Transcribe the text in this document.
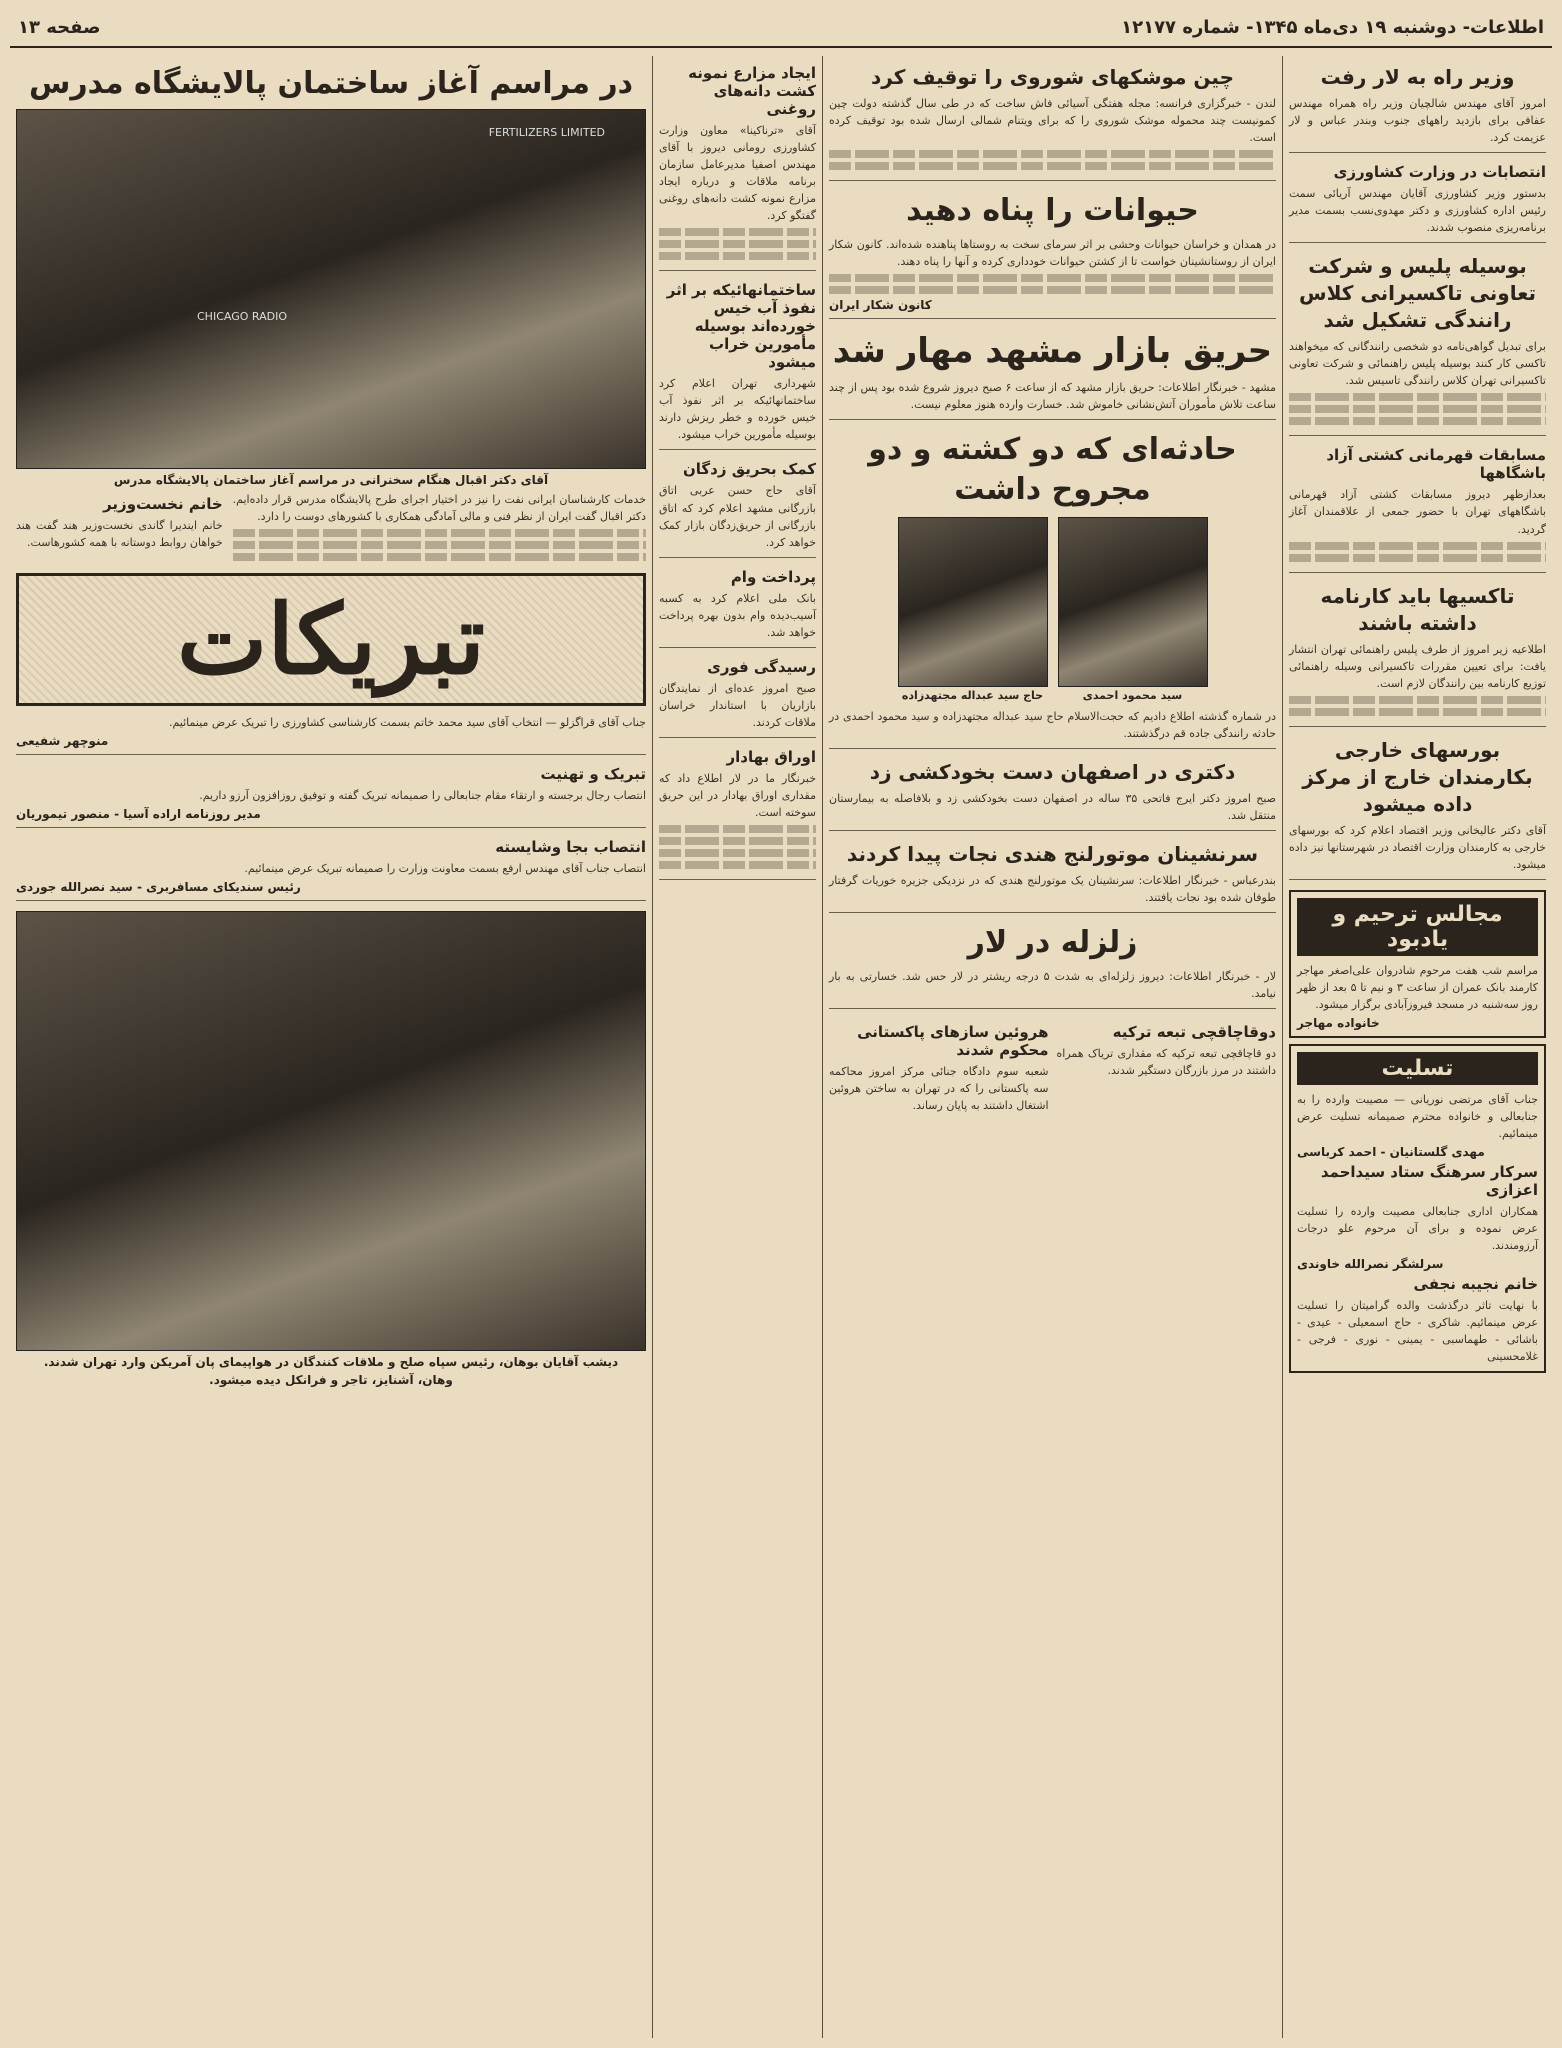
اطلاعات- دوشنبه ۱۹ دی‌ماه ۱۳۴۵- شماره ۱۲۱۷۷
صفحه ۱۳
وزیر راه به لار رفت
امروز آقای مهندس شالچیان وزیر راه همراه مهندس عفافی برای بازدید راههای جنوب وبندر عباس و لار عزیمت کرد.
انتصابات در وزارت کشاورزی
بدستور وزیر کشاورزی آقایان مهندس آریائی سمت رئیس اداره کشاورزی و دکتر مهدوی‌نسب بسمت مدیر برنامه‌ریزی منصوب شدند.
بوسیله پلیس و شرکت تعاونی تاکسیرانی کلاس رانندگی تشکیل شد
برای تبدیل گواهی‌نامه دو شخصی رانندگانی که میخواهند تاکسی کار کنند بوسیله پلیس راهنمائی و شرکت تعاونی تاکسیرانی تهران کلاس رانندگی تاسیس شد.
مسابقات قهرمانی کشتی آزاد باشگاهها
بعدازظهر دیروز مسابقات کشتی آزاد قهرمانی باشگاههای تهران با حضور جمعی از علاقمندان آغاز گردید.
تاکسیها باید کارنامه داشته باشند
اطلاعیه زیر امروز از طرف پلیس راهنمائی تهران انتشار یافت: برای تعیین مقررات تاکسیرانی وسیله راهنمائی توزیع کارنامه بین رانندگان لازم است.
بورسهای خارجی بکارمندان خارج از مرکز داده میشود
آقای دکتر عالیخانی وزیر اقتصاد اعلام کرد که بورسهای خارجی به کارمندان وزارت اقتصاد در شهرستانها نیز داده میشود.
مجالس ترحیم و یادبود
مراسم شب هفت مرحوم شادروان علی‌اصغر مهاجر کارمند بانک عمران از ساعت ۳ و نیم تا ۵ بعد از ظهر روز سه‌شنبه در مسجد فیروزآبادی برگزار میشود.
خانواده مهاجر
تسلیت
جناب آقای مرتضی نوریانی — مصیبت وارده را به جنابعالی و خانواده محترم صمیمانه تسلیت عرض مینمائیم.
مهدی گلستانیان - احمد کرباسی
سرکار سرهنگ ستاد سیداحمد اعزازی
همکاران اداری جنابعالی مصیبت وارده را تسلیت عرض نموده و برای آن مرحوم علو درجات آرزومندند.
سرلشگر نصرالله خاوندی
خانم نجیبه نجفی
با نهایت تاثر درگذشت والده گرامیتان را تسلیت عرض مینمائیم. شاکری - حاج اسمعیلی - عیدی - باشائی - طهماسبی - یمینی - نوری - فرجی - غلامحسینی
چین موشکهای شوروی را توقیف کرد
لندن - خبرگزاری فرانسه: مجله هفتگی آسیائی فاش ساخت که در طی سال گذشته دولت چین کمونیست چند محموله موشک شوروی را که برای ویتنام شمالی ارسال شده بود توقیف کرده است.
حیوانات را پناه دهید
در همدان و خراسان حیوانات وحشی بر اثر سرمای سخت به روستاها پناهنده شده‌اند. کانون شکار ایران از روستانشینان خواست تا از کشتن حیوانات خودداری کرده و آنها را پناه دهند.
کانون شکار ایران
حریق بازار مشهد مهار شد
مشهد - خبرنگار اطلاعات: حریق بازار مشهد که از ساعت ۶ صبح دیروز شروع شده بود پس از چند ساعت تلاش مأموران آتش‌نشانی خاموش شد. خسارت وارده هنوز معلوم نیست.
حادثه‌ای که دو کشته و دو مجروح داشت
سید محمود احمدی
حاج سید عبداله مجتهدزاده
در شماره گذشته اطلاع دادیم که حجت‌الاسلام حاج سید عبداله مجتهدزاده و سید محمود احمدی در حادثه رانندگی جاده قم درگذشتند.
دکتری در اصفهان دست بخودکشی زد
صبح امروز دکتر ایرج فاتحی ۳۵ ساله در اصفهان دست بخودکشی زد و بلافاصله به بیمارستان منتقل شد.
سرنشینان موتورلنج هندی نجات پیدا کردند
بندرعباس - خبرنگار اطلاعات: سرنشینان یک موتورلنج هندی که در نزدیکی جزیره خوریات گرفتار طوفان شده بود نجات یافتند.
زلزله در لار
لار - خبرنگار اطلاعات: دیروز زلزله‌ای به شدت ۵ درجه ریشتر در لار حس شد. خسارتی به بار نیامد.
دوقاچاقچی تبعه ترکیه
دو قاچاقچی تبعه ترکیه که مقداری تریاک همراه داشتند در مرز بازرگان دستگیر شدند.
هروئین سازهای پاکستانی محکوم شدند
شعبه سوم دادگاه جنائی مرکز امروز محاکمه سه پاکستانی را که در تهران به ساختن هروئین اشتغال داشتند به پایان رساند.
ایجاد مزارع نمونه کشت دانه‌های روغنی
آقای «ترناکینا» معاون وزارت کشاورزی رومانی دیروز با آقای مهندس اصفیا مدیرعامل سازمان برنامه ملاقات و درباره ایجاد مزارع نمونه کشت دانه‌های روغنی گفتگو کرد.
ساختمانهائیکه بر اثر نفوذ آب خیس خورده‌اند بوسیله مأمورین خراب میشود
شهرداری تهران اعلام کرد ساختمانهائیکه بر اثر نفوذ آب خیس خورده و خطر ریزش دارند بوسیله مأمورین خراب میشود.
کمک بحریق زدگان
آقای حاج حسن عربی اتاق بازرگانی مشهد اعلام کرد که اتاق بازرگانی از حریق‌زدگان بازار کمک خواهد کرد.
پرداخت وام
بانک ملی اعلام کرد به کسبه آسیب‌دیده وام بدون بهره پرداخت خواهد شد.
رسیدگی فوری
صبح امروز عده‌ای از نمایندگان بازاریان با استاندار خراسان ملاقات کردند.
اوراق بهادار
خبرنگار ما در لار اطلاع داد که مقداری اوراق بهادار در این حریق سوخته است.
در مراسم آغاز ساختمان پالایشگاه مدرس
FERTILIZERS LIMITED
CHICAGO RADIO
آقای دکتر اقبال هنگام سخنرانی در مراسم آغاز ساختمان پالایشگاه مدرس
خدمات کارشناسان ایرانی نفت را نیز در اختیار اجرای طرح پالایشگاه مدرس قرار داده‌ایم. دکتر اقبال گفت ایران از نظر فنی و مالی آمادگی همکاری با کشورهای دوست را دارد.
خانم نخست‌وزیر
خانم ایندیرا گاندی نخست‌وزیر هند گفت هند خواهان روابط دوستانه با همه کشورهاست.
تبریکات
جناب آقای قراگزلو — انتخاب آقای سید محمد خاتم بسمت کارشناسی کشاورزی را تبریک عرض مینمائیم.
منوچهر شفیعی
تبریک و تهنیت
انتصاب رجال برجسته و ارتقاء مقام جنابعالی را صمیمانه تبریک گفته و توفیق روزافزون آرزو داریم.
مدیر روزنامه اراده آسیا - منصور تیموریان
انتصاب بجا وشایسته
انتصاب جناب آقای مهندس ارفع بسمت معاونت وزارت را صمیمانه تبریک عرض مینمائیم.
رئیس سندیکای مسافربری - سید نصرالله جوردی
دیشب آقایان بوهان، رئیس سپاه صلح و ملاقات کنندگان در هواپیمای پان آمریکن وارد تهران شدند.
وهان، آشنایز، تاجر و فرانکل دیده میشود.
